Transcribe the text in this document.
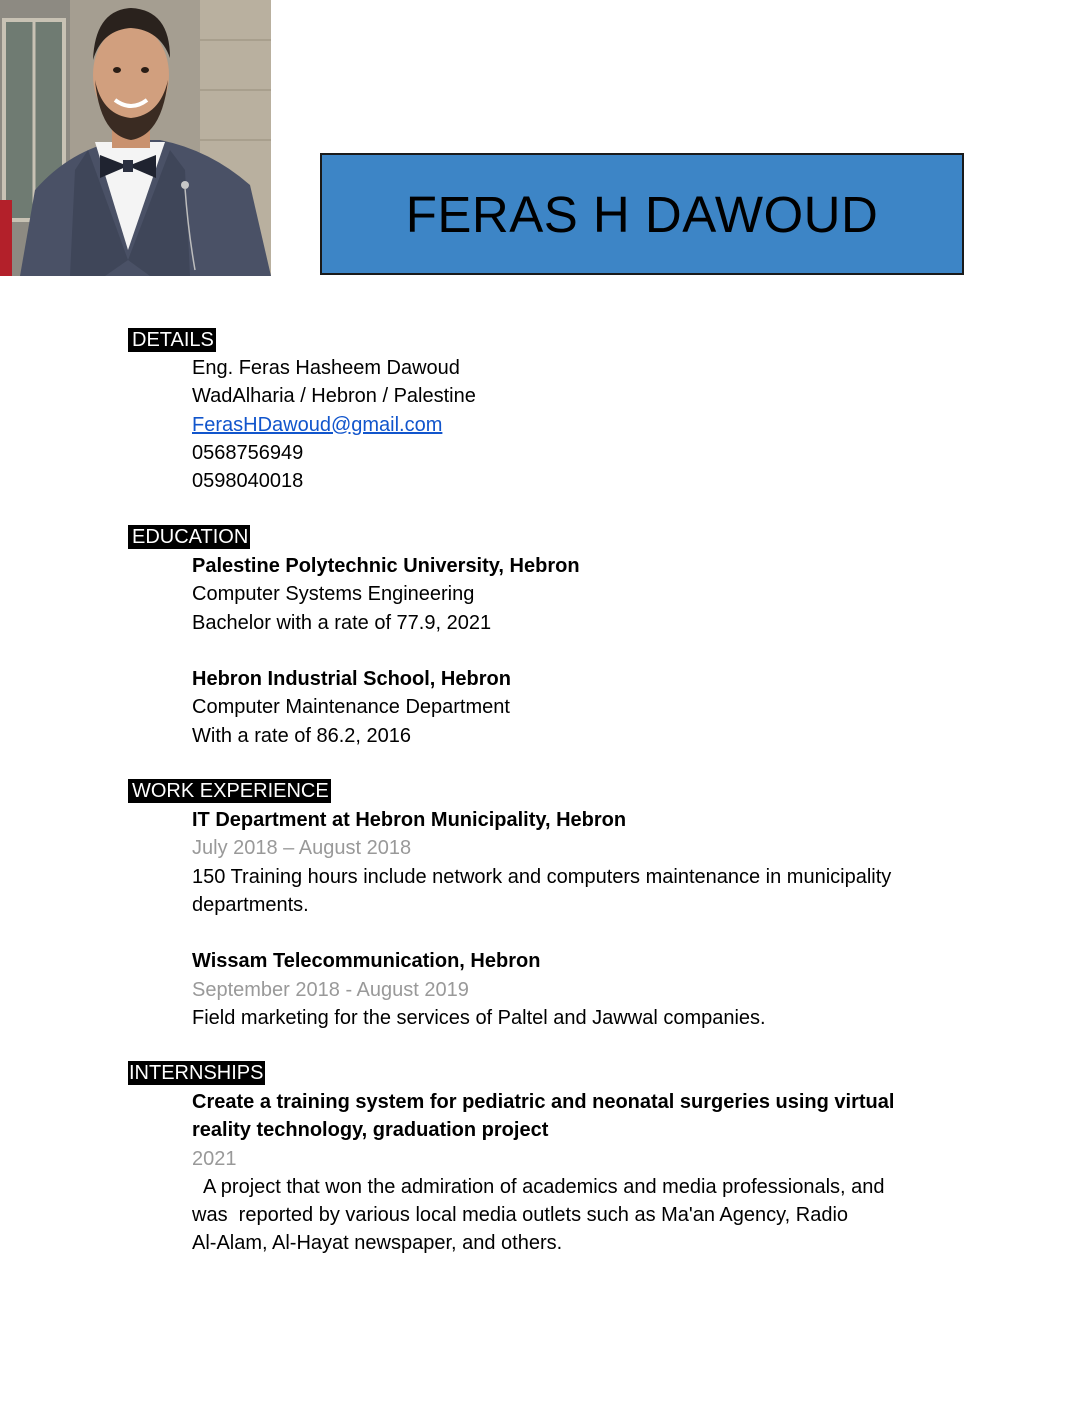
FERAS H DAWOUD
DETAILS
Eng. Feras Hasheem Dawoud
WadAlharia / Hebron / Palestine
FerasHDawoud@gmail.com
0568756949
0598040018
EDUCATION
Palestine Polytechnic University, Hebron
Computer Systems Engineering
Bachelor with a rate of 77.9, 2021
Hebron Industrial School, Hebron
Computer Maintenance Department
With a rate of 86.2, 2016
WORK EXPERIENCE
IT Department at Hebron Municipality, Hebron
July 2018 – August 2018
150 Training hours include network and computers maintenance in municipality departments.
Wissam Telecommunication, Hebron
September 2018 - August 2019
Field marketing for the services of Paltel and Jawwal companies.
INTERNSHIPS
Create a training system for pediatric and neonatal surgeries using virtual
reality technology, graduation project
2021
A project that won the admiration of academics and media professionals, and
was  reported by various local media outlets such as Ma'an Agency, Radio
Al-Alam, Al-Hayat newspaper, and others.
